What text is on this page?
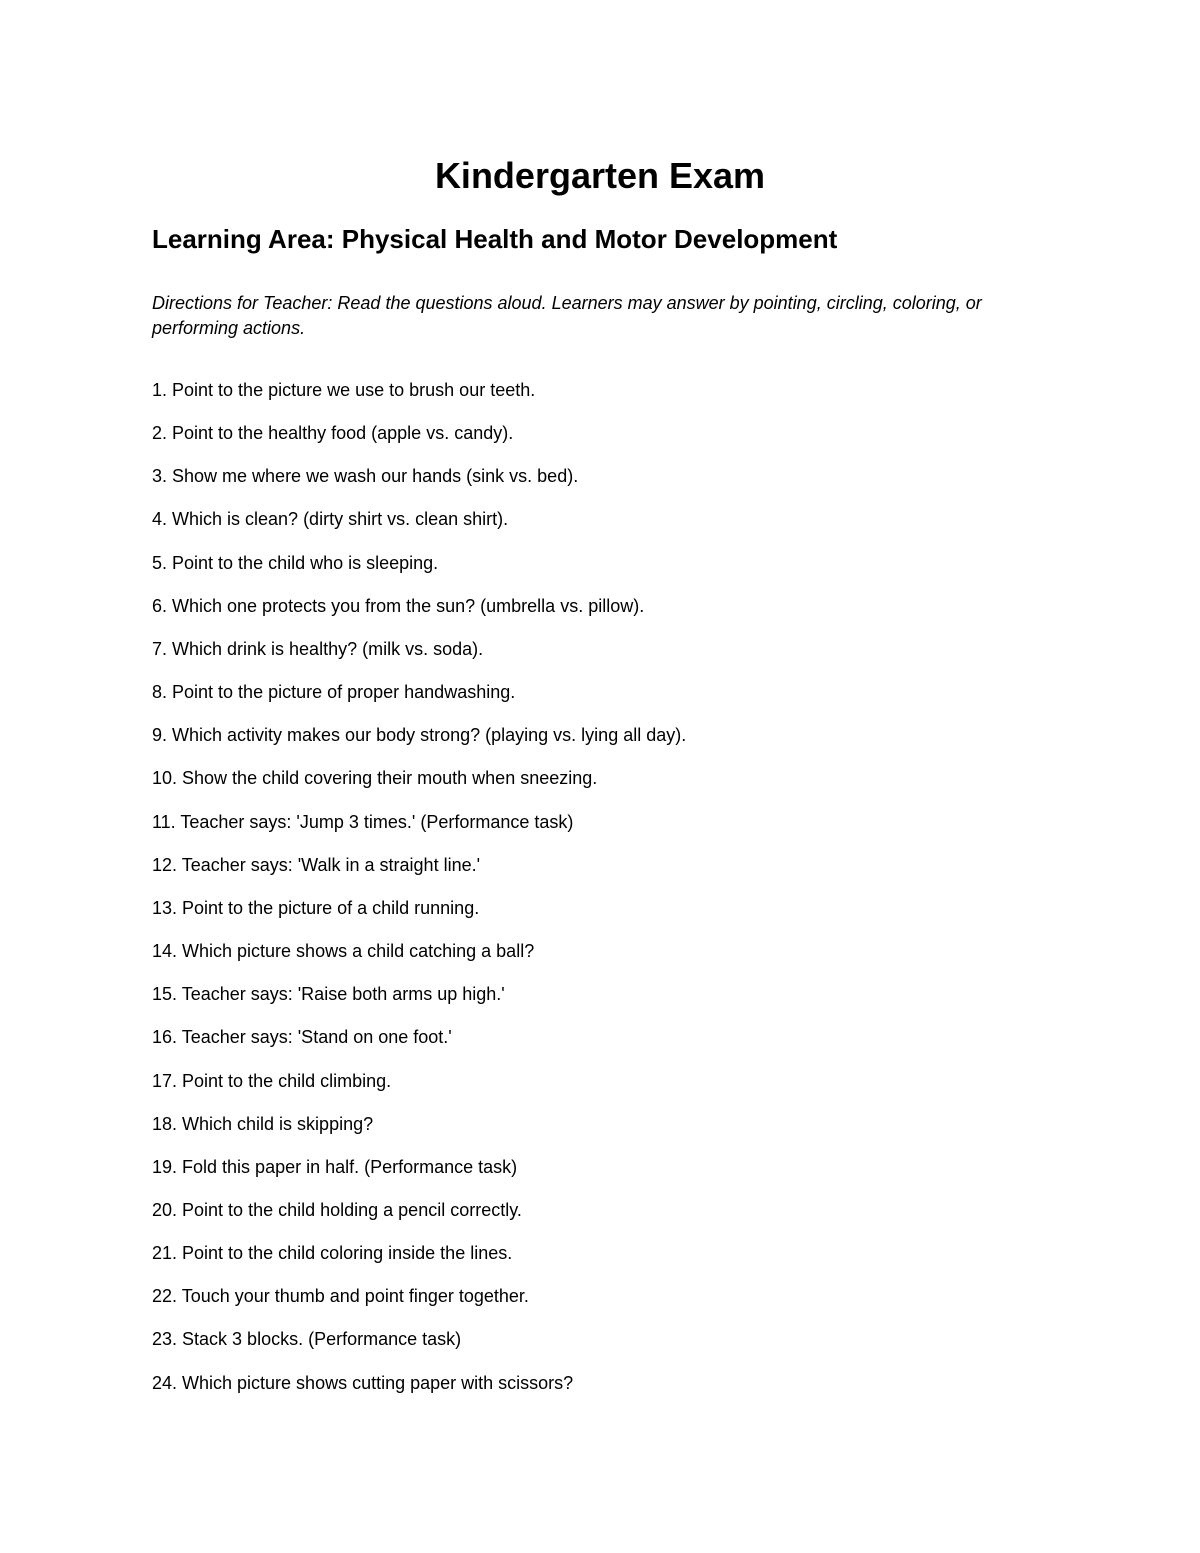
Kindergarten Exam
Learning Area: Physical Health and Motor Development

Directions for Teacher: Read the questions aloud. Learners may answer by pointing, circling, coloring, or performing actions.

1. Point to the picture we use to brush our teeth.
2. Point to the healthy food (apple vs. candy).
3. Show me where we wash our hands (sink vs. bed).
4. Which is clean? (dirty shirt vs. clean shirt).
5. Point to the child who is sleeping.
6. Which one protects you from the sun? (umbrella vs. pillow).
7. Which drink is healthy? (milk vs. soda).
8. Point to the picture of proper handwashing.
9. Which activity makes our body strong? (playing vs. lying all day).
10. Show the child covering their mouth when sneezing.
11. Teacher says: 'Jump 3 times.' (Performance task)
12. Teacher says: 'Walk in a straight line.'
13. Point to the picture of a child running.
14. Which picture shows a child catching a ball?
15. Teacher says: 'Raise both arms up high.'
16. Teacher says: 'Stand on one foot.'
17. Point to the child climbing.
18. Which child is skipping?
19. Fold this paper in half. (Performance task)
20. Point to the child holding a pencil correctly.
21. Point to the child coloring inside the lines.
22. Touch your thumb and point finger together.
23. Stack 3 blocks. (Performance task)
24. Which picture shows cutting paper with scissors?
